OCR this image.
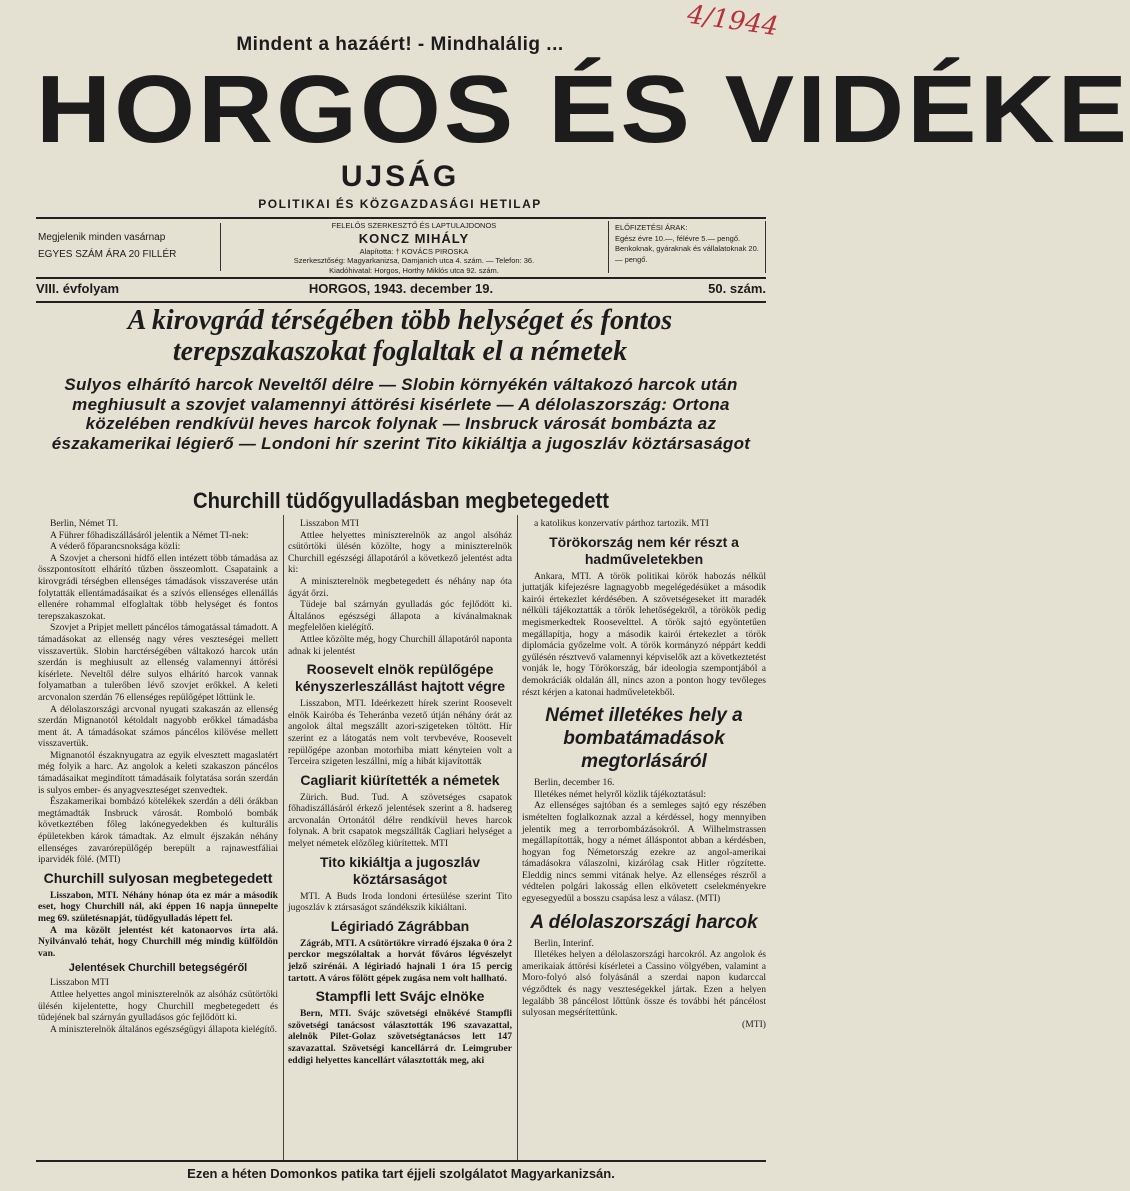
4/1944
Mindent a hazáért! - Mindhalálig ...
HORGOS ÉS VIDÉKE
UJSÁG
POLITIKAI ÉS KÖZGAZDASÁGI HETILAP
Megjelenik minden vasárnap
EGYES SZÁM ÁRA 20 FILLÉR
FELELŐS SZERKESZTŐ ÉS LAPTULAJDONOS
KONCZ MIHÁLY
Alapította: † KOVÁCS PIROSKA
Szerkesztőség: Magyarkanizsa, Damjanich utca 4. szám. — Telefon: 36.
Kiadóhivatal: Horgos, Horthy Miklós utca 92. szám.
ELŐFIZETÉSI ÁRAK:
Egész évre 10.—, félévre 5.— pengő.
Benkoknak, gyáraknak és vállalatoknak 20.— pengő.
VIII. évfolyam	HORGOS, 1943. december 19.	50. szám.
A kirovgrád térségében több helységet és fontos terepszakaszokat foglaltak el a németek
Sulyos elhárító harcok Neveltől délre — Slobin környékén váltakozó harcok után meghiusult a szovjet valamennyi áttörési kisérlete — A délolaszország: Ortona közelében rendkívül heves harcok folynak — Insbruck városát bombázta az északamerikai légierő — Londoni hír szerint Tito kikiáltja a jugoszláv köztársaságot
Churchill tüdőgyulladásban megbetegedett

Berlin, Német TI.

A Führer főhadiszállásáról jelentik a Német TI-nek:

A véderő főparancsnoksága közli:

A Szovjet a chersoni hídfő ellen intézett több támadása az összpontosított elhárító tűzben összeomlott. Csapataink a kirovgrádi térségben ellenséges támadások visszaverése után folytatták ellentámadásaikat és a szívós ellenséges ellenállás ellenére rohammal elfoglaltak több helységet és fontos terepszakaszokat.

Szovjet a Pripjet mellett páncélos támogatással támadott. A támadásokat az ellenség nagy véres veszteségei mellett visszavertük. Slobin harctérségében váltakozó harcok után szerdán is meghiusult az ellenség valamennyi áttörési kísérlete. Neveltől délre sulyos elhárító harcok vannak folyamatban a tulerőben lévő szovjet erőkkel. A keleti arcvonalon szerdán 76 ellenséges repülőgépet lőttünk le.

A délolaszországi arcvonal nyugati szakaszán az ellenség szerdán Mignanotól kétoldalt nagyobb erőkkel támadásba ment át. A támadásokat számos páncélos kilövése mellett visszavertük.

Mignanotól északnyugatra az egyik elvesztett magaslatért még folyik a harc. Az angolok a keleti szakaszon páncélos támadásaikat megindított támadásaik folytatása során szerdán is sulyos ember- és anyagveszteséget szenvedtek.

Északamerikai bombázó kötelékek szerdán a déli órákban megtámadták Insbruck városát. Romboló bombák következtében főleg lakónegyedekben és kulturális épületekben károk támadtak. Az elmult éjszakán néhány ellenséges zavarórepülőgép berepült a rajnawestfáliai iparvidék fölé. (MTI)

Churchill sulyosan megbetegedett

Lisszabon, MTI. Néhány hónap óta ez már a második eset, hogy Churchill nál, aki éppen 16 napja ünnepelte meg 69. születésnapját, tüdőgyulladás lépett fel.

A ma közölt jelentést két katonaorvos írta alá. Nyilvánvaló tehát, hogy Churchill még mindig külföldön van.

Jelentések Churchill betegségéről

Lisszabon MTI

Attlee helyettes angol miniszterelnök az alsóház csütörtöki ülésén kijelentette, hogy Churchill megbetegedett és tüdejének bal szárnyán gyulladásos góc fejlődött ki.

A miniszterelnök általános egészségügyi állapota kielégítő.

Lisszabon MTI

Attlee helyettes miniszterelnök az angol alsóház csütörtöki ülésén közölte, hogy a miniszterelnök Churchill egészségi állapotáról a következő jelentést adta ki:

A miniszterelnök megbetegedett és néhány nap óta ágyát őrzi.

Tüdeje bal szárnyán gyulladás góc fejlődött ki. Általános egészségi állapota a kívánalmaknak megfelelően kielégítő.

Attlee közölte még, hogy Churchill állapotáról naponta adnak ki jelentést

Roosevelt elnök repülőgépe kényszerleszállást hajtott végre

Lisszabon, MTI. Ideérkezett hírek szerint Roosevelt elnök Kairóba és Teheránba vezető útján néhány órát az angolok által megszállt azori-szigeteken töltött. Hír szerint ez a látogatás nem volt tervbevéve, Roosevelt repülőgépe azonban motorhiba miatt kényteien volt a Terceira szigeten leszállni, míg a hibát kijavították

Cagliarit kiürítették a németek

Zürich. Bud. Tud. A szövetséges csapatok főhadiszállásáról érkező jelentések szerint a 8. hadsereg arcvonalán Ortonától délre rendkívül heves harcok folynak. A brit csapatok megszállták Cagliari helységet a melyet németek előzőleg kiürítettek. MTI

Tito kikiáltja a jugoszláv köztársaságot

MTI. A Buds Iroda londoni értesülése szerint Tito jugoszláv k ztársaságot szándékszik kikiáltani.

Légiriadó Zágrábban

Zágráb, MTI. A csütörtökre virradó éjszaka 0 óra 2 perckor megszólaltak a horvát főváros légvészelyt jelző szirénái. A légiriadó hajnali 1 óra 15 percig tartott. A város fölött gépek zugása nem volt hallható.

Stampfli lett Svájc elnöke

Bern, MTI. Svájc szövetségi elnökévé Stampfli szövetségi tanácsost választották 196 szavazattal, alelnök Pilet-Golaz szövetségtanácsos lett 147 szavazattal. Szövetségi kancellárrá dr. Leimgruber eddigi helyettes kancellárt választották meg, aki

a katolikus konzervatív párthoz tartozik. MTI

Törökország nem kér részt a hadműveletekben

Ankara, MTI. A török politikai körök habozás nélkül juttatják kifejezésre lagnagyobb megelégedésüket a második kairói értekezlet kérdésében. A szövetségeseket itt maradék nélküli tájékoztatták a török lehetőségekről, a törökök pedig megismerkedtek Roosevelttel. A török sajtó egyöntetűen megállapítja, hogy a második kairói értekezlet a török diplomácia győzelme volt. A török kormányzó néppárt keddi gyűlésén résztvevő valamennyi képviselők azt a következtetést vonják le, hogy Törökország, bár ideologia szempontjából a demokráciák oldalán áll, nincs azon a ponton hogy tevőleges részt kérjen a katonai hadműveletekből.

Német illetékes hely a bombatámadások megtorlásáról

Berlin, december 16.

Illetékes német helyről közlik tájékoztatásul:

Az ellenséges sajtóban és a semleges sajtó egy részében ismételten foglalkoznak azzal a kérdéssel, hogy mennyiben jelentik meg a terrorbombázásokról. A Wilhelmstrassen megállapították, hogy a német álláspontot abban a kérdésben, hogyan fog Németország ezekre az angol-amerikai támadásokra válaszolni, kizárólag csak Hitler rögzítette. Eleddig nincs semmi vitának helye. Az ellenséges részről a védtelen polgári lakosság ellen elkövetett cselekményekre egyesegyedül a bosszu csapása lesz a válasz. (MTI)

A délolaszországi harcok

Berlin, Interinf.

Illetékes helyen a délolaszországi harcokról. Az angolok és amerikaiak áttörési kísérletei a Cassino völgyében, valamint a Moro-folyó alsó folyásánál a szerdai napon kudarccal végződtek és nagy veszteségekkel jártak. Ezen a helyen legalább 38 páncélost lőttünk össze és további hét páncélost sulyosan megsérítettünk.

(MTI)

Ezen a héten Domonkos patika tart éjjeli szolgálatot Magyarkanizsán.
